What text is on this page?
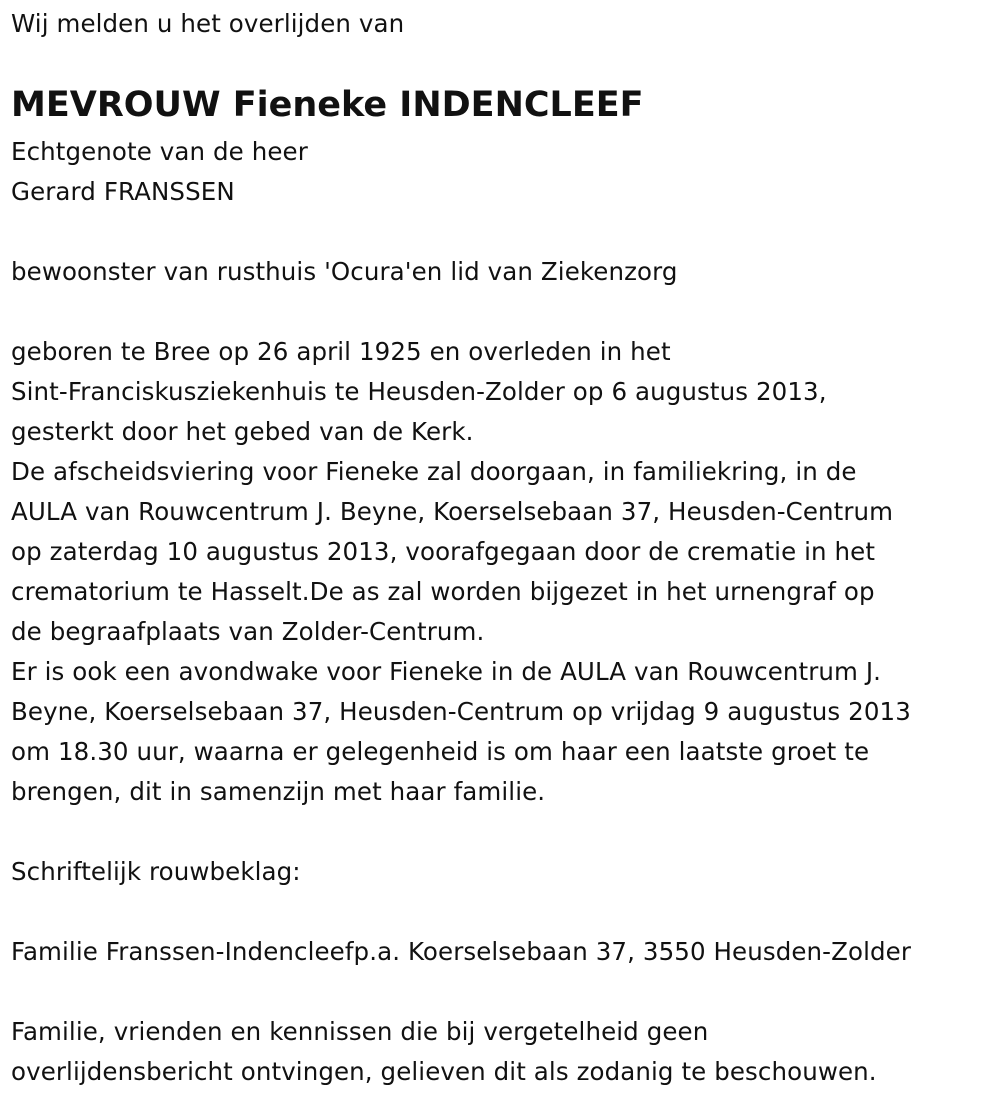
Wij melden u het overlijden van
MEVROUW Fieneke INDENCLEEF
Echtgenote van de heer
Gerard FRANSSEN
bewoonster van rusthuis 'Ocura'en lid van Ziekenzorg
geboren te Bree op 26 april 1925 en overleden in het
Sint-Franciskusziekenhuis te Heusden-Zolder op 6 augustus 2013,
gesterkt door het gebed van de Kerk.
De afscheidsviering voor Fieneke zal doorgaan, in familiekring, in de
AULA van Rouwcentrum J. Beyne, Koerselsebaan 37, Heusden-Centrum
op zaterdag 10 augustus 2013, voorafgegaan door de crematie in het
crematorium te Hasselt.De as zal worden bijgezet in het urnengraf op
de begraafplaats van Zolder-Centrum.
Er is ook een avondwake voor Fieneke in de AULA van Rouwcentrum J.
Beyne, Koerselsebaan 37, Heusden-Centrum op vrijdag 9 augustus 2013
om 18.30 uur, waarna er gelegenheid is om haar een laatste groet te
brengen, dit in samenzijn met haar familie.
Schriftelijk rouwbeklag:
Familie Franssen-Indencleefp.a. Koerselsebaan 37, 3550 Heusden-Zolder
Familie, vrienden en kennissen die bij vergetelheid geen
overlijdensbericht ontvingen, gelieven dit als zodanig te beschouwen.
